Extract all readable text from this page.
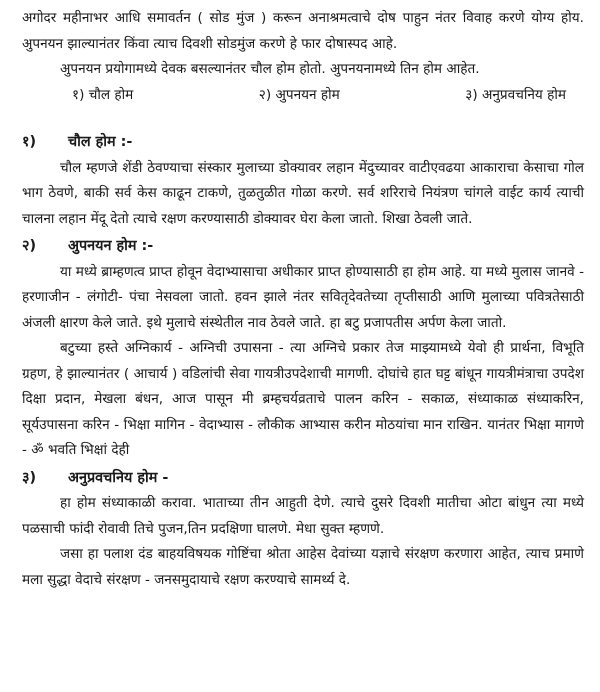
अगोदर महीनाभर आधि समावर्तन ( सोड मुंज ) करून अनाश्रमत्वाचे दोष पाहुन नंतर विवाह करणे योग्य होय. अुपनयन झाल्यानंतर किंवा त्याच दिवशी सोडमुंज करणे हे फार दोषास्पद आहे.

अुपनयन प्रयोगामध्ये देवक बसल्यानंतर चौल होम होतो. अुपनयनामध्ये तिन होम आहेत.

१) चौल होम	२) अुपनयन होम	३) अनुप्रवचनिय होम
१)	चौल होम :-

चौल म्हणजे शेंडी ठेवण्याचा संस्कार मुलाच्या डोक्यावर लहान मेंदुच्यावर वाटीएवढया आकाराचा केसाचा गोल भाग ठेवणे, बाकी सर्व केस काढून टाकणे, तुळतुळीत गोळा करणे. सर्व शरिराचे नियंत्रण चांगले वाईट कार्य त्याची चालना लहान मेंदू देतो त्याचे रक्षण करण्यासाठी डोक्यावर घेरा केला जातो. शिखा ठेवली जाते.

२)	अुपनयन होम :-

या मध्ये ब्राम्हणत्व प्राप्त होवून वेदाभ्यासाचा अधीकार प्राप्त होण्यासाठी हा होम आहे. या मध्ये मुलास जानवे - हरणाजीन - लंगोटी- पंचा नेसवला जातो. हवन झाले नंतर सवितृदेवतेच्या तृप्तीसाठी आणि मुलाच्या पवित्रतेसाठी अंजली क्षारण केले जाते. इथे मुलाचे संस्थेतील नाव ठेवले जाते. हा बटु प्रजापतीस अर्पण केला जातो.

बटुच्या हस्ते अग्निकार्य - अग्निची उपासना - त्या अग्निचे प्रकार तेज माझ्यामध्ये येवो ही प्रार्थना, विभूति ग्रहण, हे झाल्यानंतर ( आचार्य ) वडिलांची सेवा गायत्रीउपदेशाची मागणी. दोघांचे हात घट्ट बांधून गायत्रीमंत्राचा उपदेश दिक्षा प्रदान, मेखला बंधन, आज पासून मी ब्रम्हचर्यव्रताचे पालन करिन - सकाळ, संध्याकाळ संध्याकरिन, सूर्यउपासना करिन - भिक्षा मागिन - वेदाभ्यास - लौकीक आभ्यास करीन मोठयांचा मान राखिन. यानंतर भिक्षा मागणे - ॐ भवति भिक्षां देही

३)	अनुप्रवचनिय होम -

हा होम संध्याकाळी करावा. भाताच्या तीन आहुती देणे. त्याचे दुसरे दिवशी मातीचा ओटा बांधुन त्या मध्ये पळसाची फांदी रोवावी तिचे पुजन,तिन प्रदक्षिणा घालणे. मेधा सुक्त म्हणणे.

जसा हा पलाश दंड बाहयविषयक गोष्टिंचा श्रोता आहेस देवांच्या यज्ञाचे संरक्षण करणारा आहेत, त्याच प्रमाणे मला सुद्धा वेदाचे संरक्षण - जनसमुदायाचे रक्षण करण्याचे सामर्थ्य दे.
